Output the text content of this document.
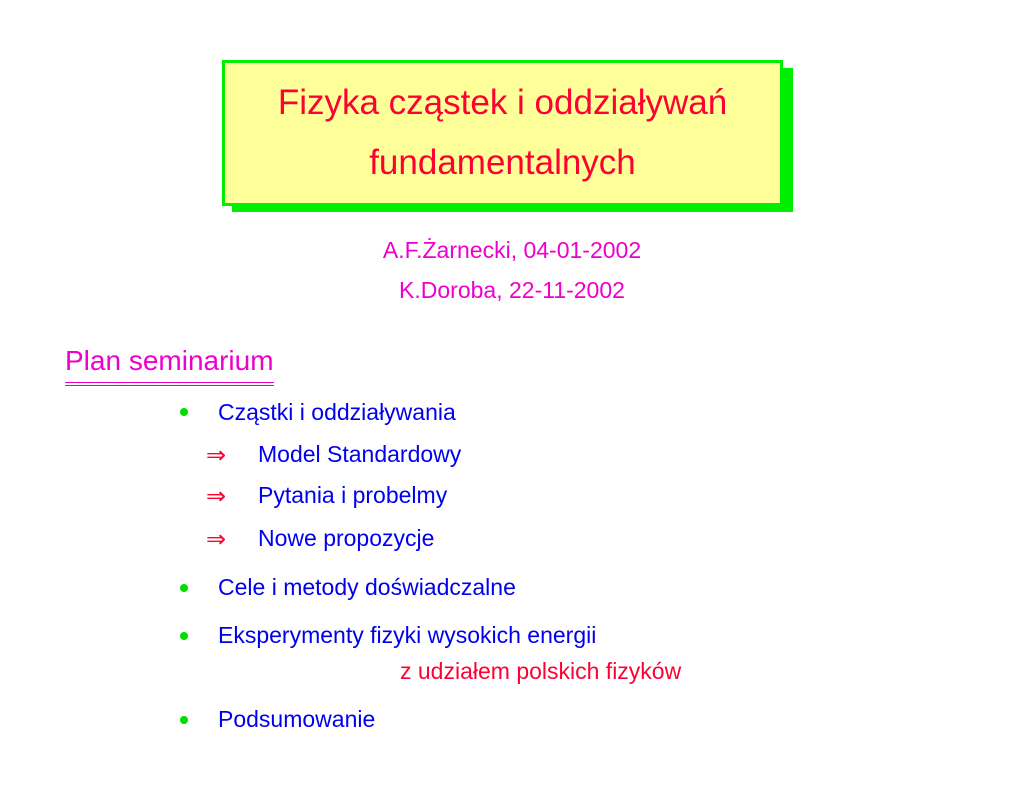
Fizyka cząstek i oddziaływań
fundamentalnych
A.F.Żarnecki, 04-01-2002
K.Doroba, 22-11-2002
Plan seminarium
Cząstki i oddziaływania
⇒ Model Standardowy
⇒ Pytania i probelmy
⇒ Nowe propozycje
Cele i metody doświadczalne
Eksperymenty fizyki wysokich energii
z udziałem polskich fizyków
Podsumowanie
